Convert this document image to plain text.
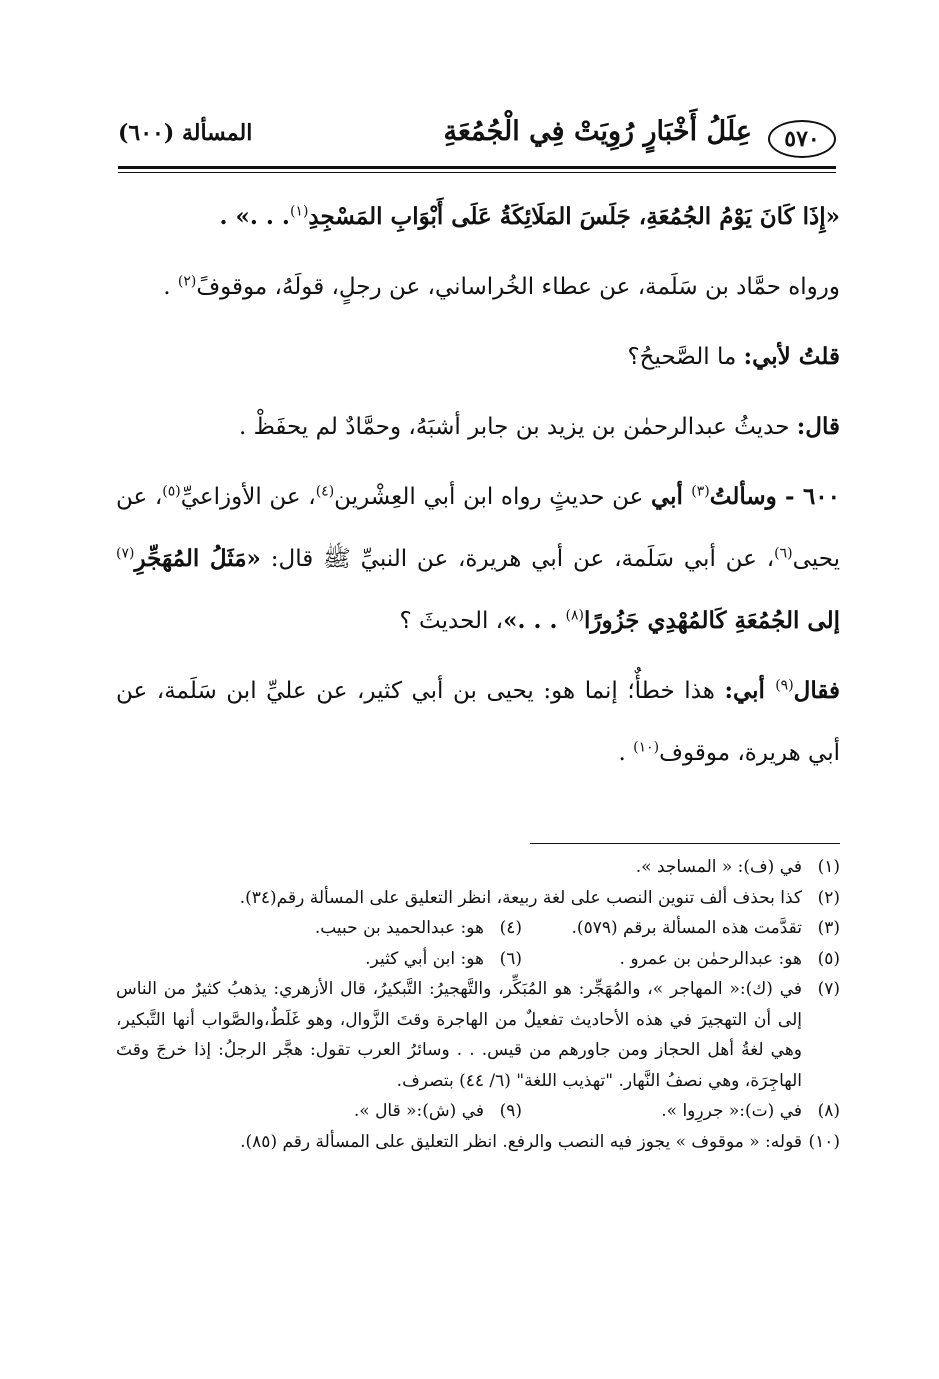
٥٧٠
عِلَلُ أَخْبَارٍ رُوِيَتْ فِي الْجُمُعَةِ
المسألة (٦٠٠)

«إِذَا كَانَ يَوْمُ الجُمُعَةِ، جَلَسَ المَلَائِكَةُ عَلَى أَبْوَابِ المَسْجِدِ$^{(١)}$. . .» .

ورواه حمَّاد بن سَلَمة، عن عطاء الخُراساني، عن رجلٍ، قولَهُ، موقوفً$^{(٢)}$ .

قلتُ لأبي: ما الصَّحيحُ؟

قال: حديثُ عبدالرحمٰن بن يزيد بن جابر أشبَهُ، وحمَّادٌ لم يحفَظْ .

٦٠٠ - وسألتُ$^{(٣)}$ أبي عن حديثٍ رواه ابن أبي العِشْرين$^{(٤)}$، عن الأوزاعيِّ$^{(٥)}$، عن يحيى$^{(٦)}$، عن أبي سَلَمة، عن أبي هريرة، عن النبيِّ ﷺ قال: «مَثَلُ المُهَجِّرِ$^{(٧)}$ إلى الجُمُعَةِ كَالمُهْدِي جَزُورًا$^{(٨)}$ . . .»، الحديثَ ؟

فقال$^{(٩)}$ أبي: هذا خطأٌ؛ إنما هو: يحيى بن أبي كثير، عن عليِّ ابن سَلَمة، عن أبي هريرة، موقوف$^{(١٠)}$ .

(١)
في (ف): « المساجد ».
(٢)
كذا بحذف ألف تنوين النصب على لغة ربيعة، انظر التعليق على المسألة رقم(٣٤).
(٣)
تقدَّمت هذه المسألة برقم (٥٧٩).
(٤)
هو: عبدالحميد بن حبيب.
(٥)
هو: عبدالرحمٰن بن عمرو .
(٦)
هو: ابن أبي كثير.
(٧)
في (ك):« المهاجر »، والمُهَجِّر: هو المُبَكِّر، والتَّهجيرُ: التَّبكيرُ، قال الأزهري: يذهبُ كثيرٌ من الناس إلى أن التهجيرَ في هذه الأحاديث تفعيلٌ من الهاجرة وقتَ الزَّوال، وهو غَلَطٌ،والصَّواب أنها التَّبكير، وهي لغةُ أهل الحجاز ومن جاورهم من قيس. . . وسائرُ العرب تقول: هجَّر الرجلُ: إذا خرجَ وقتَ الهاجِرَة، وهي نصفُ النَّهار. "تهذيب اللغة" (٦/ ٤٤) بتصرف.
(٨)
في (ت):« جررِوا ».
(٩)
في (ش):« قال ».
(١٠)
قوله: « موقوف » يجوز فيه النصب والرفع. انظر التعليق على المسألة رقم (٨٥).
